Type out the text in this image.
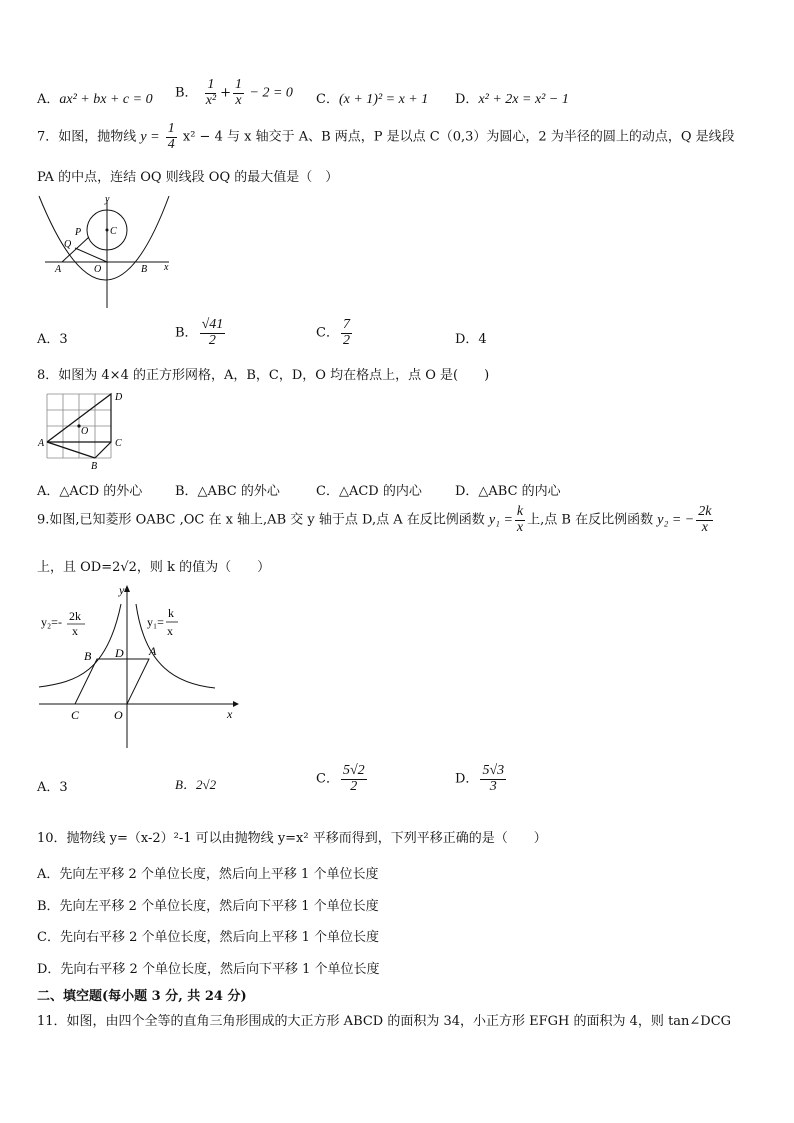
A．ax² + bx + c = 0 B． $\frac{1}{\text{x²}} + \frac{1}{x} - 2 = 0$ C．(x + 1)² = x + 1 D．x² + 2x = x² − 1
7．如图，抛物线 $y = \frac{1}{4} x^2 - 4$ 与 x 轴交于 A、B 两点，P 是以点 C（0,3）为圆心，2 为半径的圆上的动点，Q 是线段
PA 的中点，连结 OQ 则线段 OQ 的最大值是（　）
y
x
C
P
Q
A	O	B
A．3	B． $\frac{√41}{2}$	C． $\frac{7}{2}$	D．4
8．如图为 4×4 的正方形网格，A，B，C，D，O 均在格点上，点 O 是(　　)
D
O
A	C
B
A．△ACD 的外心	B．△ABC 的外心	C．△ACD 的内心	D．△ABC 的内心
9.如图,已知菱形 OABC ,OC 在 x 轴上,AB 交 y 轴于点 D,点 A 在反比例函数 $y_1 = \frac{k}{x}$ 上,点 B 在反比例函数 y₂ = − $\frac{2k}{x}$
上，且 OD=2√2，则 k 的值为（　　）
y
x
y₂=- 2k
x
y₁=
k
x
B D A
C	O
A．3	B．2√2	C． $\frac{5√2}{2}$	D． $\frac{5√3}{3}$
10．抛物线 y=（x-2）²-1 可以由抛物线 y=x² 平移而得到，下列平移正确的是（　　）
A．先向左平移 2 个单位长度，然后向上平移 1 个单位长度
B．先向左平移 2 个单位长度，然后向下平移 1 个单位长度
C．先向右平移 2 个单位长度，然后向上平移 1 个单位长度
D．先向右平移 2 个单位长度，然后向下平移 1 个单位长度
二、填空题(每小题 3 分, 共 24 分)
11．如图，由四个全等的直角三角形围成的大正方形 ABCD 的面积为 34，小正方形 EFGH 的面积为 4，则 tan∠DCG
